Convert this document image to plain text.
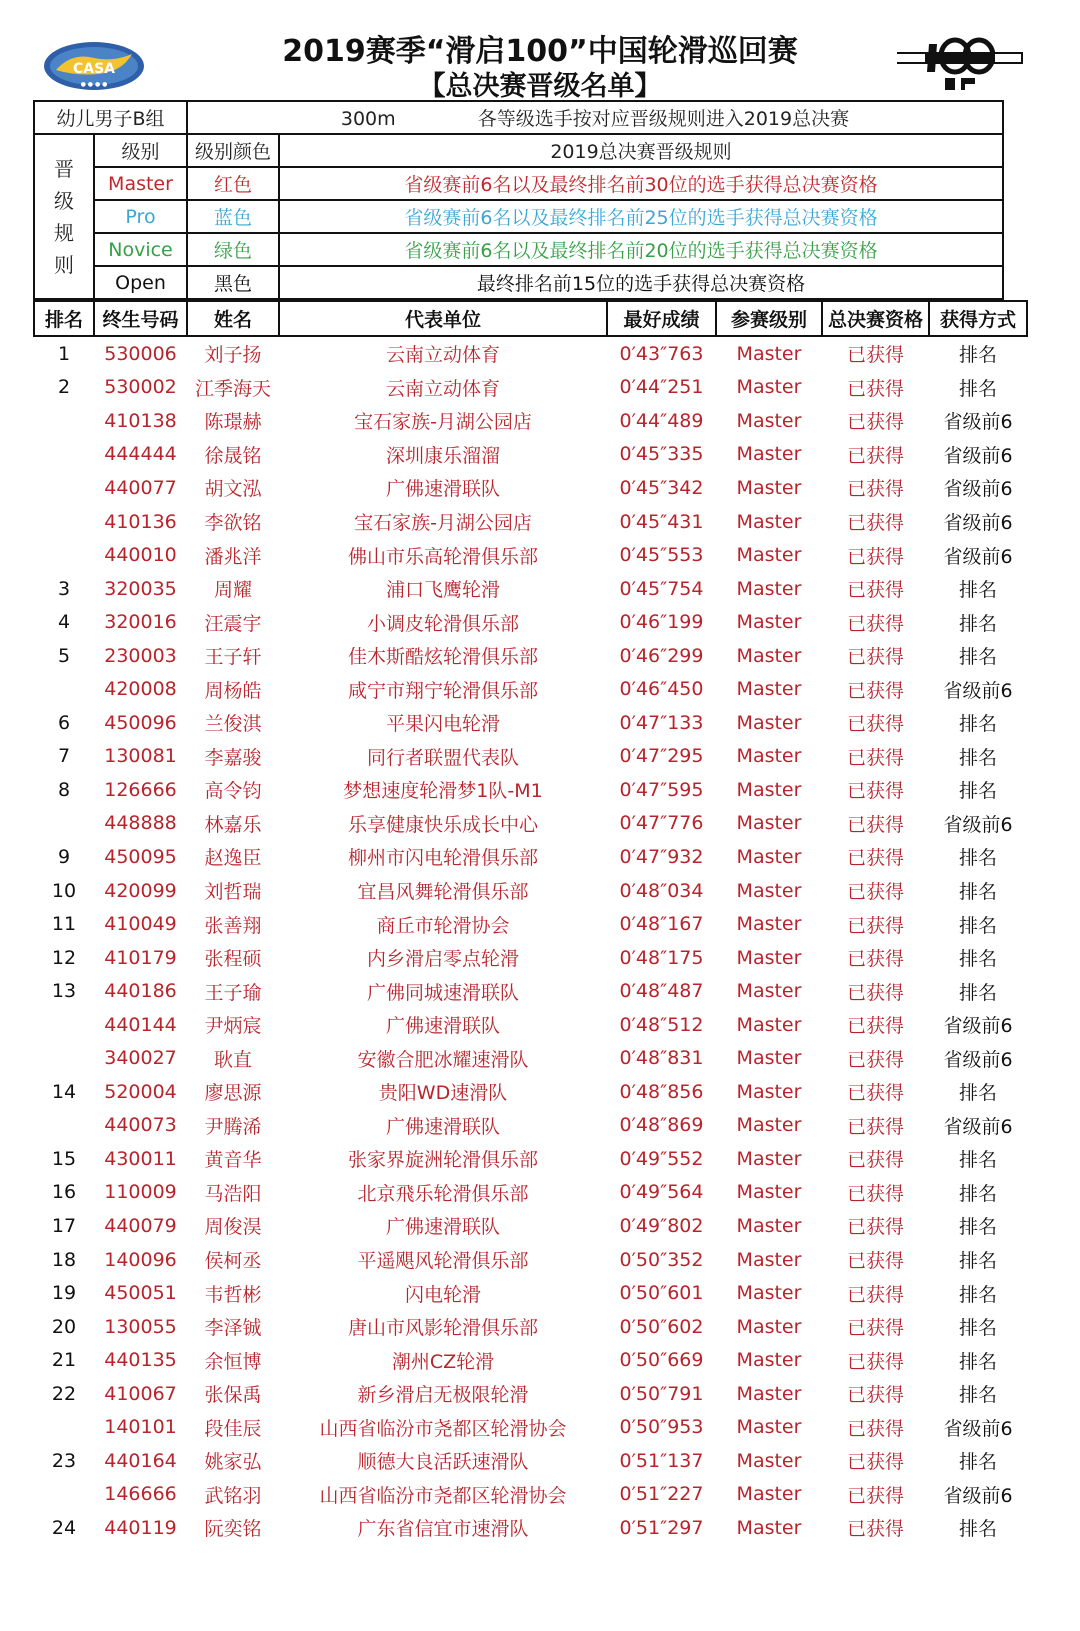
CASA
● ● ● ●
2019赛季“滑启100”中国轮滑巡回赛
【总决赛晋级名单】
幼儿男子B组		300m 各等级选手按对应晋级规则进入2019总决赛	

晋级规则	级别	级别颜色	2019总决赛晋级规则
	Master	红色	省级赛前6名以及最终排名前30位的选手获得总决赛资格
	Pro	蓝色	省级赛前6名以及最终排名前25位的选手获得总决赛资格
	Novice	绿色	省级赛前6名以及最终排名前20位的选手获得总决赛资格
	Open	黑色	最终排名前15位的选手获得总决赛资格
排名	终生号码	姓名	代表单位	最好成绩	参赛级别	总决赛资格	获得方式
1	530006	刘子扬	云南立动体育	0′43″763	Master	已获得	排名
2	530002	江季海天	云南立动体育	0′44″251	Master	已获得	排名
	410138	陈璟赫	宝石家族-月湖公园店	0′44″489	Master	已获得	省级前6
	444444	徐晟铭	深圳康乐溜溜	0′45″335	Master	已获得	省级前6
	440077	胡文泓	广佛速滑联队	0′45″342	Master	已获得	省级前6
	410136	李欲铭	宝石家族-月湖公园店	0′45″431	Master	已获得	省级前6
	440010	潘兆洋	佛山市乐高轮滑俱乐部	0′45″553	Master	已获得	省级前6
3	320035	周耀	浦口飞鹰轮滑	0′45″754	Master	已获得	排名
4	320016	汪震宇	小调皮轮滑俱乐部	0′46″199	Master	已获得	排名
5	230003	王子轩	佳木斯酷炫轮滑俱乐部	0′46″299	Master	已获得	排名
	420008	周杨皓	咸宁市翔宁轮滑俱乐部	0′46″450	Master	已获得	省级前6
6	450096	兰俊淇	平果闪电轮滑	0′47″133	Master	已获得	排名
7	130081	李嘉骏	同行者联盟代表队	0′47″295	Master	已获得	排名
8	126666	高令钧	梦想速度轮滑梦1队-M1	0′47″595	Master	已获得	排名
	448888	林嘉乐	乐享健康快乐成长中心	0′47″776	Master	已获得	省级前6
9	450095	赵逸臣	柳州市闪电轮滑俱乐部	0′47″932	Master	已获得	排名
10	420099	刘哲瑞	宜昌风舞轮滑俱乐部	0′48″034	Master	已获得	排名
11	410049	张善翔	商丘市轮滑协会	0′48″167	Master	已获得	排名
12	410179	张程硕	内乡滑启零点轮滑	0′48″175	Master	已获得	排名
13	440186	王子瑜	广佛同城速滑联队	0′48″487	Master	已获得	排名
	440144	尹炳宸	广佛速滑联队	0′48″512	Master	已获得	省级前6
	340027	耿直	安徽合肥冰耀速滑队	0′48″831	Master	已获得	省级前6
14	520004	廖思源	贵阳WD速滑队	0′48″856	Master	已获得	排名
	440073	尹腾浠	广佛速滑联队	0′48″869	Master	已获得	省级前6
15	430011	黄音华	张家界旋洲轮滑俱乐部	0′49″552	Master	已获得	排名
16	110009	马浩阳	北京飛乐轮滑俱乐部	0′49″564	Master	已获得	排名
17	440079	周俊淏	广佛速滑联队	0′49″802	Master	已获得	排名
18	140096	侯柯丞	平遥飓风轮滑俱乐部	0′50″352	Master	已获得	排名
19	450051	韦哲彬	闪电轮滑	0′50″601	Master	已获得	排名
20	130055	李泽铖	唐山市风影轮滑俱乐部	0′50″602	Master	已获得	排名
21	440135	余恒博	潮州CZ轮滑	0′50″669	Master	已获得	排名
22	410067	张保禹	新乡滑启无极限轮滑	0′50″791	Master	已获得	排名
	140101	段佳辰	山西省临汾市尧都区轮滑协会	0′50″953	Master	已获得	省级前6
23	440164	姚家弘	顺德大良活跃速滑队	0′51″137	Master	已获得	排名
	146666	武铭羽	山西省临汾市尧都区轮滑协会	0′51″227	Master	已获得	省级前6
24	440119	阮奕铭	广东省信宜市速滑队	0′51″297	Master	已获得	排名
